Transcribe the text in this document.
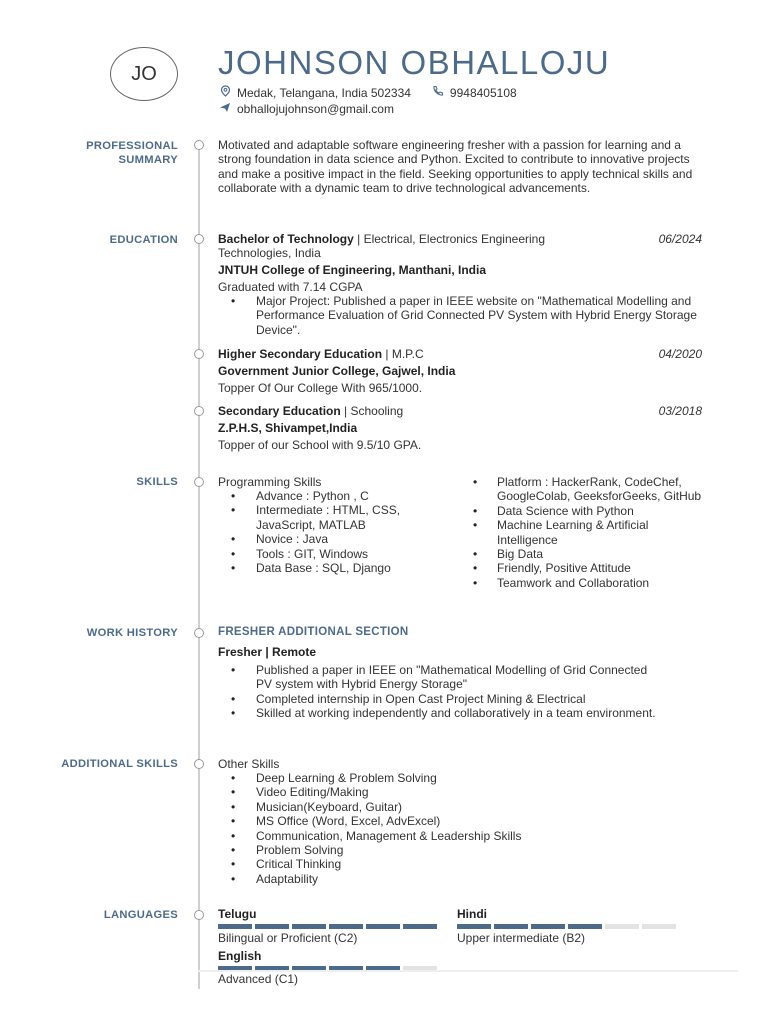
JO JOHNSON OBHALLOJU
Medak, Telangana, India 502334	9948405108
obhallojujohnson@gmail.com
PROFESSIONAL
SUMMARY
Motivated and adaptable software engineering fresher with a passion for learning and a strong foundation in data science and Python. Excited to contribute to innovative projects and make a positive impact in the field. Seeking opportunities to apply technical skills and collaborate with a dynamic team to drive technological advancements.
EDUCATION	Bachelor of Technology | Electrical, Electronics Engineering Technologies, India
06/2024
JNTUH College of Engineering, Manthani, India
Graduated with 7.14 CGPA
• Major Project: Published a paper in IEEE website on "Mathematical Modelling and Performance Evaluation of Grid Connected PV System with Hybrid Energy Storage Device".
Higher Secondary Education | M.P.C	04/2020
Government Junior College, Gajwel, India
Topper Of Our College With 965/1000.
Secondary Education | Schooling	03/2018
Z.P.H.S, Shivampet,India
Topper of our School with 9.5/10 GPA.
SKILLS	Programming Skills
• Advance : Python , C
• Intermediate : HTML, CSS, JavaScript, MATLAB
• Novice : Java
• Tools : GIT, Windows
• Data Base : SQL, Django
• Platform : HackerRank, CodeChef, GoogleColab, GeeksforGeeks, GitHub
• Data Science with Python
• Machine Learning & Artificial Intelligence
• Big Data
• Friendly, Positive Attitude
• Teamwork and Collaboration
WORK HISTORY	FRESHER ADDITIONAL SECTION
Fresher | Remote
• Published a paper in IEEE on "Mathematical Modelling of Grid Connected PV system with Hybrid Energy Storage"
• Completed internship in Open Cast Project Mining & Electrical
• Skilled at working independently and collaboratively in a team environment.
ADDITIONAL SKILLS	Other Skills
• Deep Learning & Problem Solving
• Video Editing/Making
• Musician(Keyboard, Guitar)
• MS Office (Word, Excel, AdvExcel)
• Communication, Management & Leadership Skills
• Problem Solving
• Critical Thinking
• Adaptability
LANGUAGES	Telugu
Bilingual or Proficient (C2)
Hindi
Upper intermediate (B2)
English
Advanced (C1)
